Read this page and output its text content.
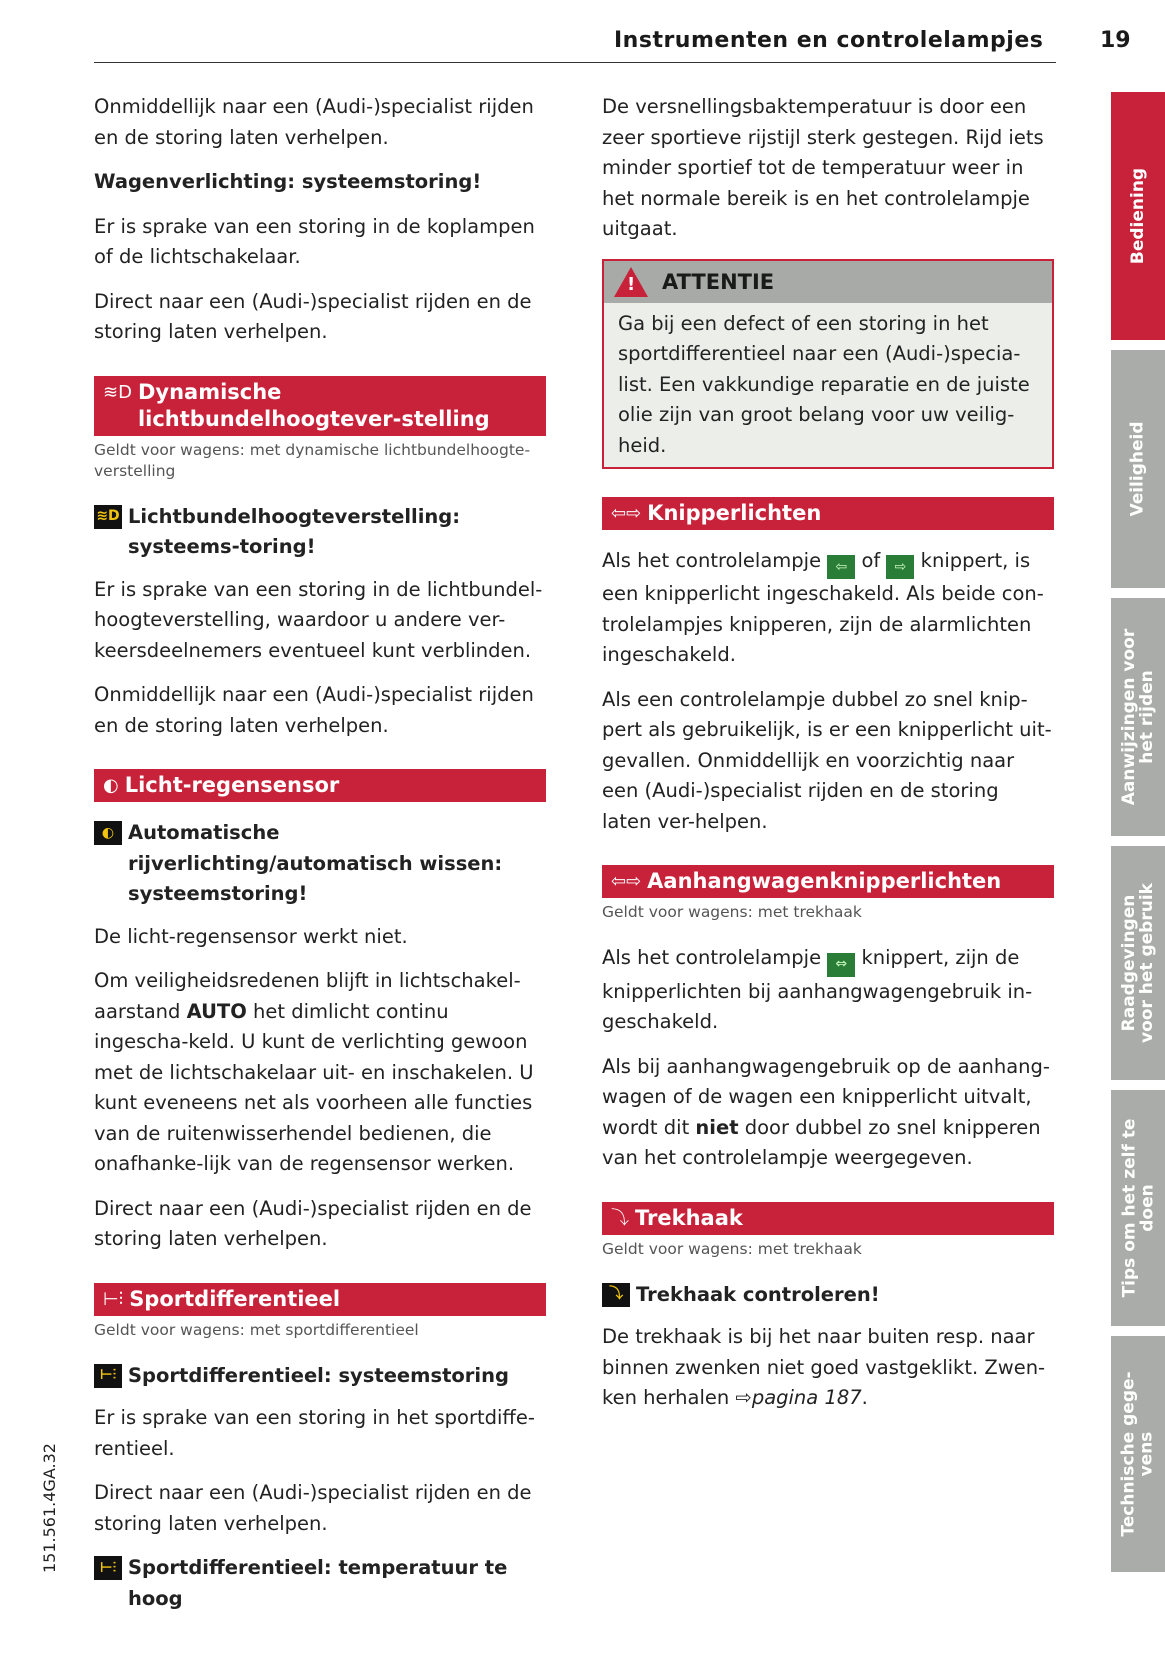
Instrumenten en controlelampjes	19

Onmiddellijk naar een (Audi-)specialist rijden en de storing laten verhelpen.

Wagenverlichting: systeemstoring!

Er is sprake van een storing in de koplampen of de lichtschakelaar.

Direct naar een (Audi-)specialist rijden en de storing laten verhelpen.

≋D Dynamische lichtbundelhoogtever-stelling
Geldt voor wagens: met dynamische lichtbundelhoogte-verstelling
≋D Lichtbundelhoogteverstelling: systeems-toring!

Er is sprake van een storing in de lichtbundel-hoogteverstelling, waardoor u andere ver-keersdeelnemers eventueel kunt verblinden.

Onmiddellijk naar een (Audi-)specialist rijden en de storing laten verhelpen.

◐ Licht-regensensor
◐ Automatische rijverlichting/automatisch wissen: systeemstoring!

De licht-regensensor werkt niet.

Om veiligheidsredenen blijft in lichtschakel-aarstand AUTO het dimlicht continu ingescha-keld. U kunt de verlichting gewoon met de lichtschakelaar uit- en inschakelen. U kunt eveneens net als voorheen alle functies van de ruitenwisserhendel bedienen, die onafhanke-lijk van de regensensor werken.

Direct naar een (Audi-)specialist rijden en de storing laten verhelpen.

⊢⫶ Sportdifferentieel
Geldt voor wagens: met sportdifferentieel
⊢⫶ Sportdifferentieel: systeemstoring

Er is sprake van een storing in het sportdiffe-rentieel.

Direct naar een (Audi-)specialist rijden en de storing laten verhelpen.

⊢⫶ Sportdifferentieel: temperatuur te hoog

De versnellingsbaktemperatuur is door een zeer sportieve rijstijl sterk gestegen. Rijd iets minder sportief tot de temperatuur weer in het normale bereik is en het controlelampje uitgaat.

! ATTENTIE
Ga bij een defect of een storing in het sportdifferentieel naar een (Audi-)specia-list. Een vakkundige reparatie en de juiste olie zijn van groot belang voor uw veilig-heid.
⇦⇨ Knipperlichten

Als het controlelampje ⇦ of ⇨ knippert, is een knipperlicht ingeschakeld. Als beide con-trolelampjes knipperen, zijn de alarmlichten ingeschakeld.

Als een controlelampje dubbel zo snel knip-pert als gebruikelijk, is er een knipperlicht uit-gevallen. Onmiddellijk en voorzichtig naar een (Audi-)specialist rijden en de storing laten ver-helpen.

⇦⇨ Aanhangwagenknipperlichten
Geldt voor wagens: met trekhaak

Als het controlelampje ⇔ knippert, zijn de knipperlichten bij aanhangwagengebruik in-geschakeld.

Als bij aanhangwagengebruik op de aanhang-wagen of de wagen een knipperlicht uitvalt, wordt dit niet door dubbel zo snel knipperen van het controlelampje weergegeven.

⤵ Trekhaak
Geldt voor wagens: met trekhaak
⤵ Trekhaak controleren!

De trekhaak is bij het naar buiten resp. naar binnen zwenken niet goed vastgeklikt. Zwen-ken herhalen ⇨pagina 187.

Bediening
Veiligheid
Aanwijzingen voor
het rijden
Raadgevingen
voor het gebruik
Tips om het zelf te
doen
Technische gege-
vens
151.561.4GA.32
